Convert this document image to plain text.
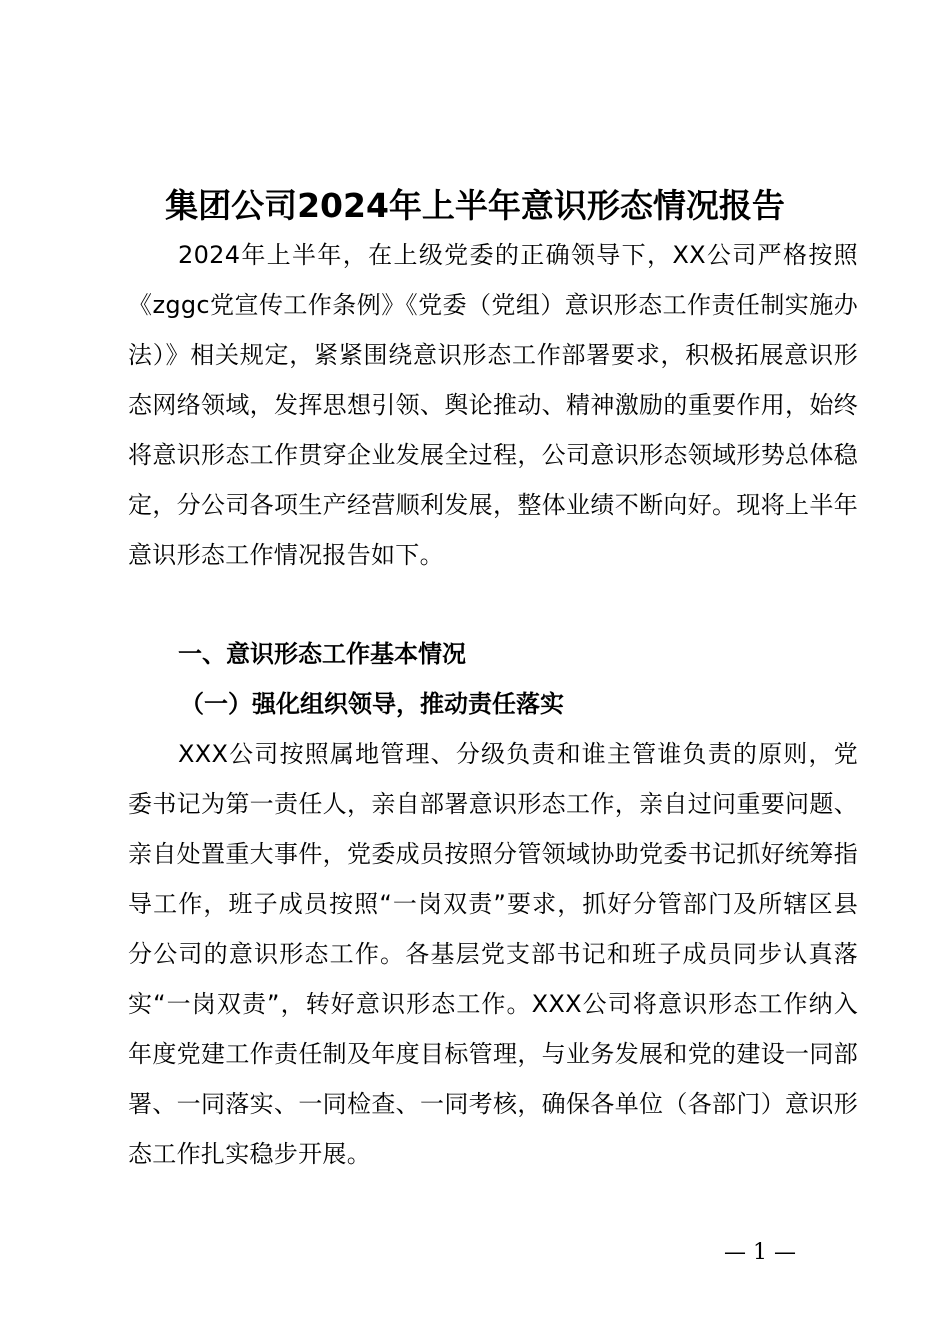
集团公司2024年上半年意识形态情况报告

2024年上半年，在上级党委的正确领导下，XX公司严格按照《zggc党宣传工作条例》《党委（党组）意识形态工作责任制实施办法）》相关规定，紧紧围绕意识形态工作部署要求，积极拓展意识形态网络领域，发挥思想引领、舆论推动、精神激励的重要作用，始终将意识形态工作贯穿企业发展全过程，公司意识形态领域形势总体稳定，分公司各项生产经营顺利发展，整体业绩不断向好。现将上半年意识形态工作情况报告如下。

一、意识形态工作基本情况

（一）强化组织领导，推动责任落实

XXX公司按照属地管理、分级负责和谁主管谁负责的原则，党委书记为第一责任人，亲自部署意识形态工作，亲自过问重要问题、亲自处置重大事件，党委成员按照分管领域协助党委书记抓好统筹指导工作，班子成员按照“一岗双责”要求，抓好分管部门及所辖区县分公司的意识形态工作。各基层党支部书记和班子成员同步认真落实“一岗双责”，转好意识形态工作。XXX公司将意识形态工作纳入年度党建工作责任制及年度目标管理，与业务发展和党的建设一同部署、一同落实、一同检查、一同考核，确保各单位（各部门）意识形态工作扎实稳步开展。

— 1 —
